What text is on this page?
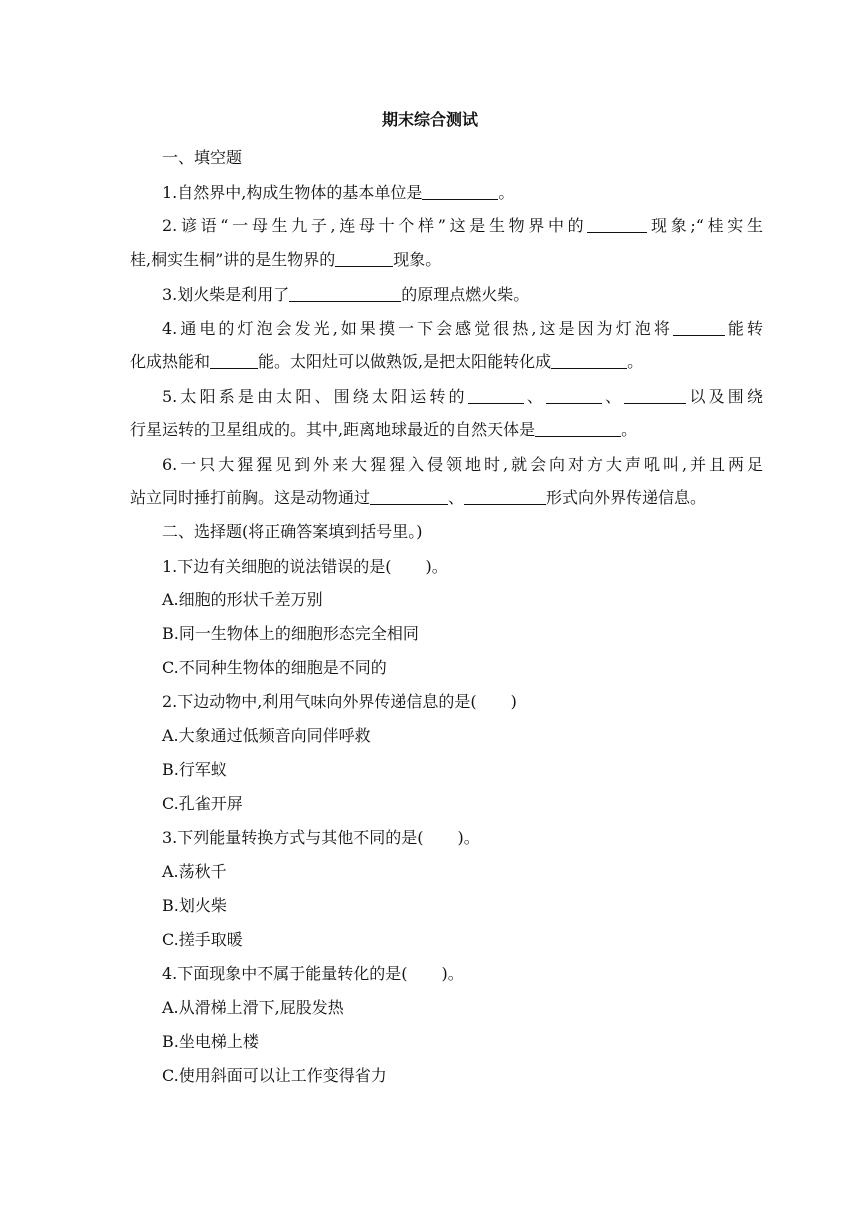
期末综合测试
一、填空题
1.自然界中,构成生物体的基本单位是	。
2.谚语“一母生九子,连母十个样”这是生物界中的	现象;“桂实生
桂,桐实生桐”讲的是生物界的	现象。
3.划火柴是利用了	的原理点燃火柴。
4.通电的灯泡会发光,如果摸一下会感觉很热,这是因为灯泡将	能转
化成热能和	能。太阳灶可以做熟饭,是把太阳能转化成	。
5.太阳系是由太阳、围绕太阳运转的	、	、	以及围绕
行星运转的卫星组成的。其中,距离地球最近的自然天体是	。
6.一只大猩猩见到外来大猩猩入侵领地时,就会向对方大声吼叫,并且两足
站立同时捶打前胸。这是动物通过	、	形式向外界传递信息。
二、选择题(将正确答案填到括号里。)
1.下边有关细胞的说法错误的是( )。
A.细胞的形状千差万别
B.同一生物体上的细胞形态完全相同
C.不同种生物体的细胞是不同的
2.下边动物中,利用气味向外界传递信息的是( )
A.大象通过低频音向同伴呼救
B.行军蚁
C.孔雀开屏
3.下列能量转换方式与其他不同的是( )。
A.荡秋千
B.划火柴
C.搓手取暖
4.下面现象中不属于能量转化的是( )。
A.从滑梯上滑下,屁股发热
B.坐电梯上楼
C.使用斜面可以让工作变得省力
